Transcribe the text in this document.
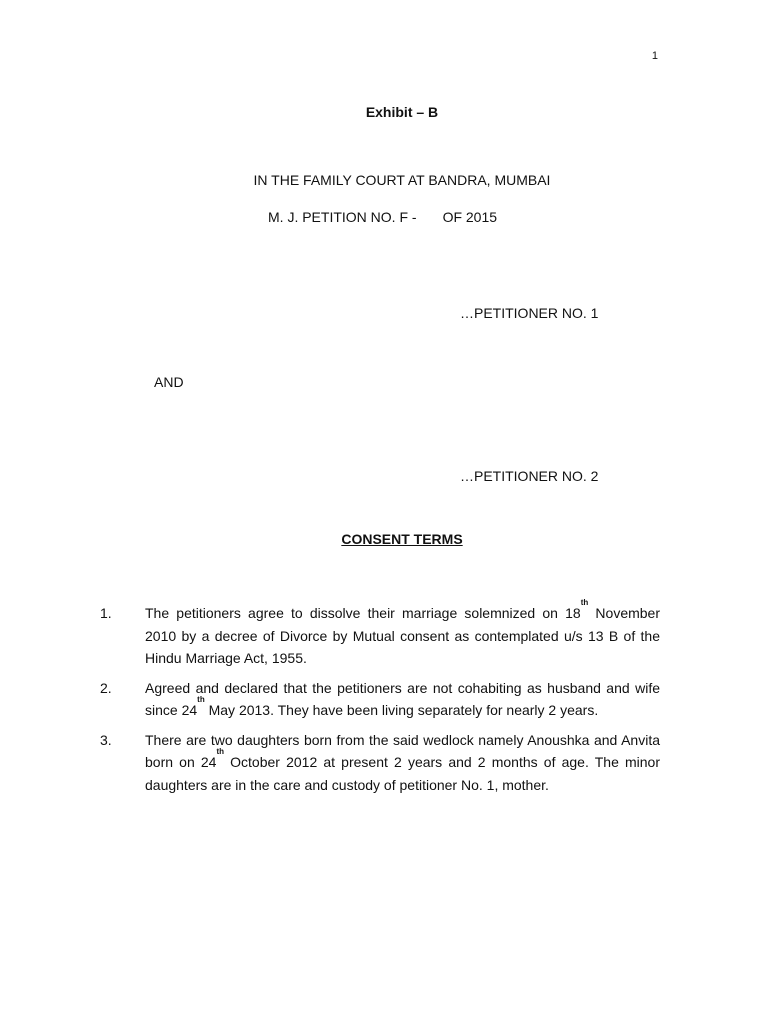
1
Exhibit – B
IN THE FAMILY COURT AT BANDRA, MUMBAI
M. J. PETITION NO. F - OF 2015
…PETITIONER NO. 1
AND
…PETITIONER NO. 2
CONSENT TERMS
1. The petitioners agree to dissolve their marriage solemnized on 18th November 2010 by a decree of Divorce by Mutual consent as contemplated u/s 13 B of the Hindu Marriage Act, 1955.
2. Agreed and declared that the petitioners are not cohabiting as husband and wife since 24th May 2013. They have been living separately for nearly 2 years.
3. There are two daughters born from the said wedlock namely Anoushka and Anvita born on 24th October 2012 at present 2 years and 2 months of age. The minor daughters are in the care and custody of petitioner No. 1, mother.
